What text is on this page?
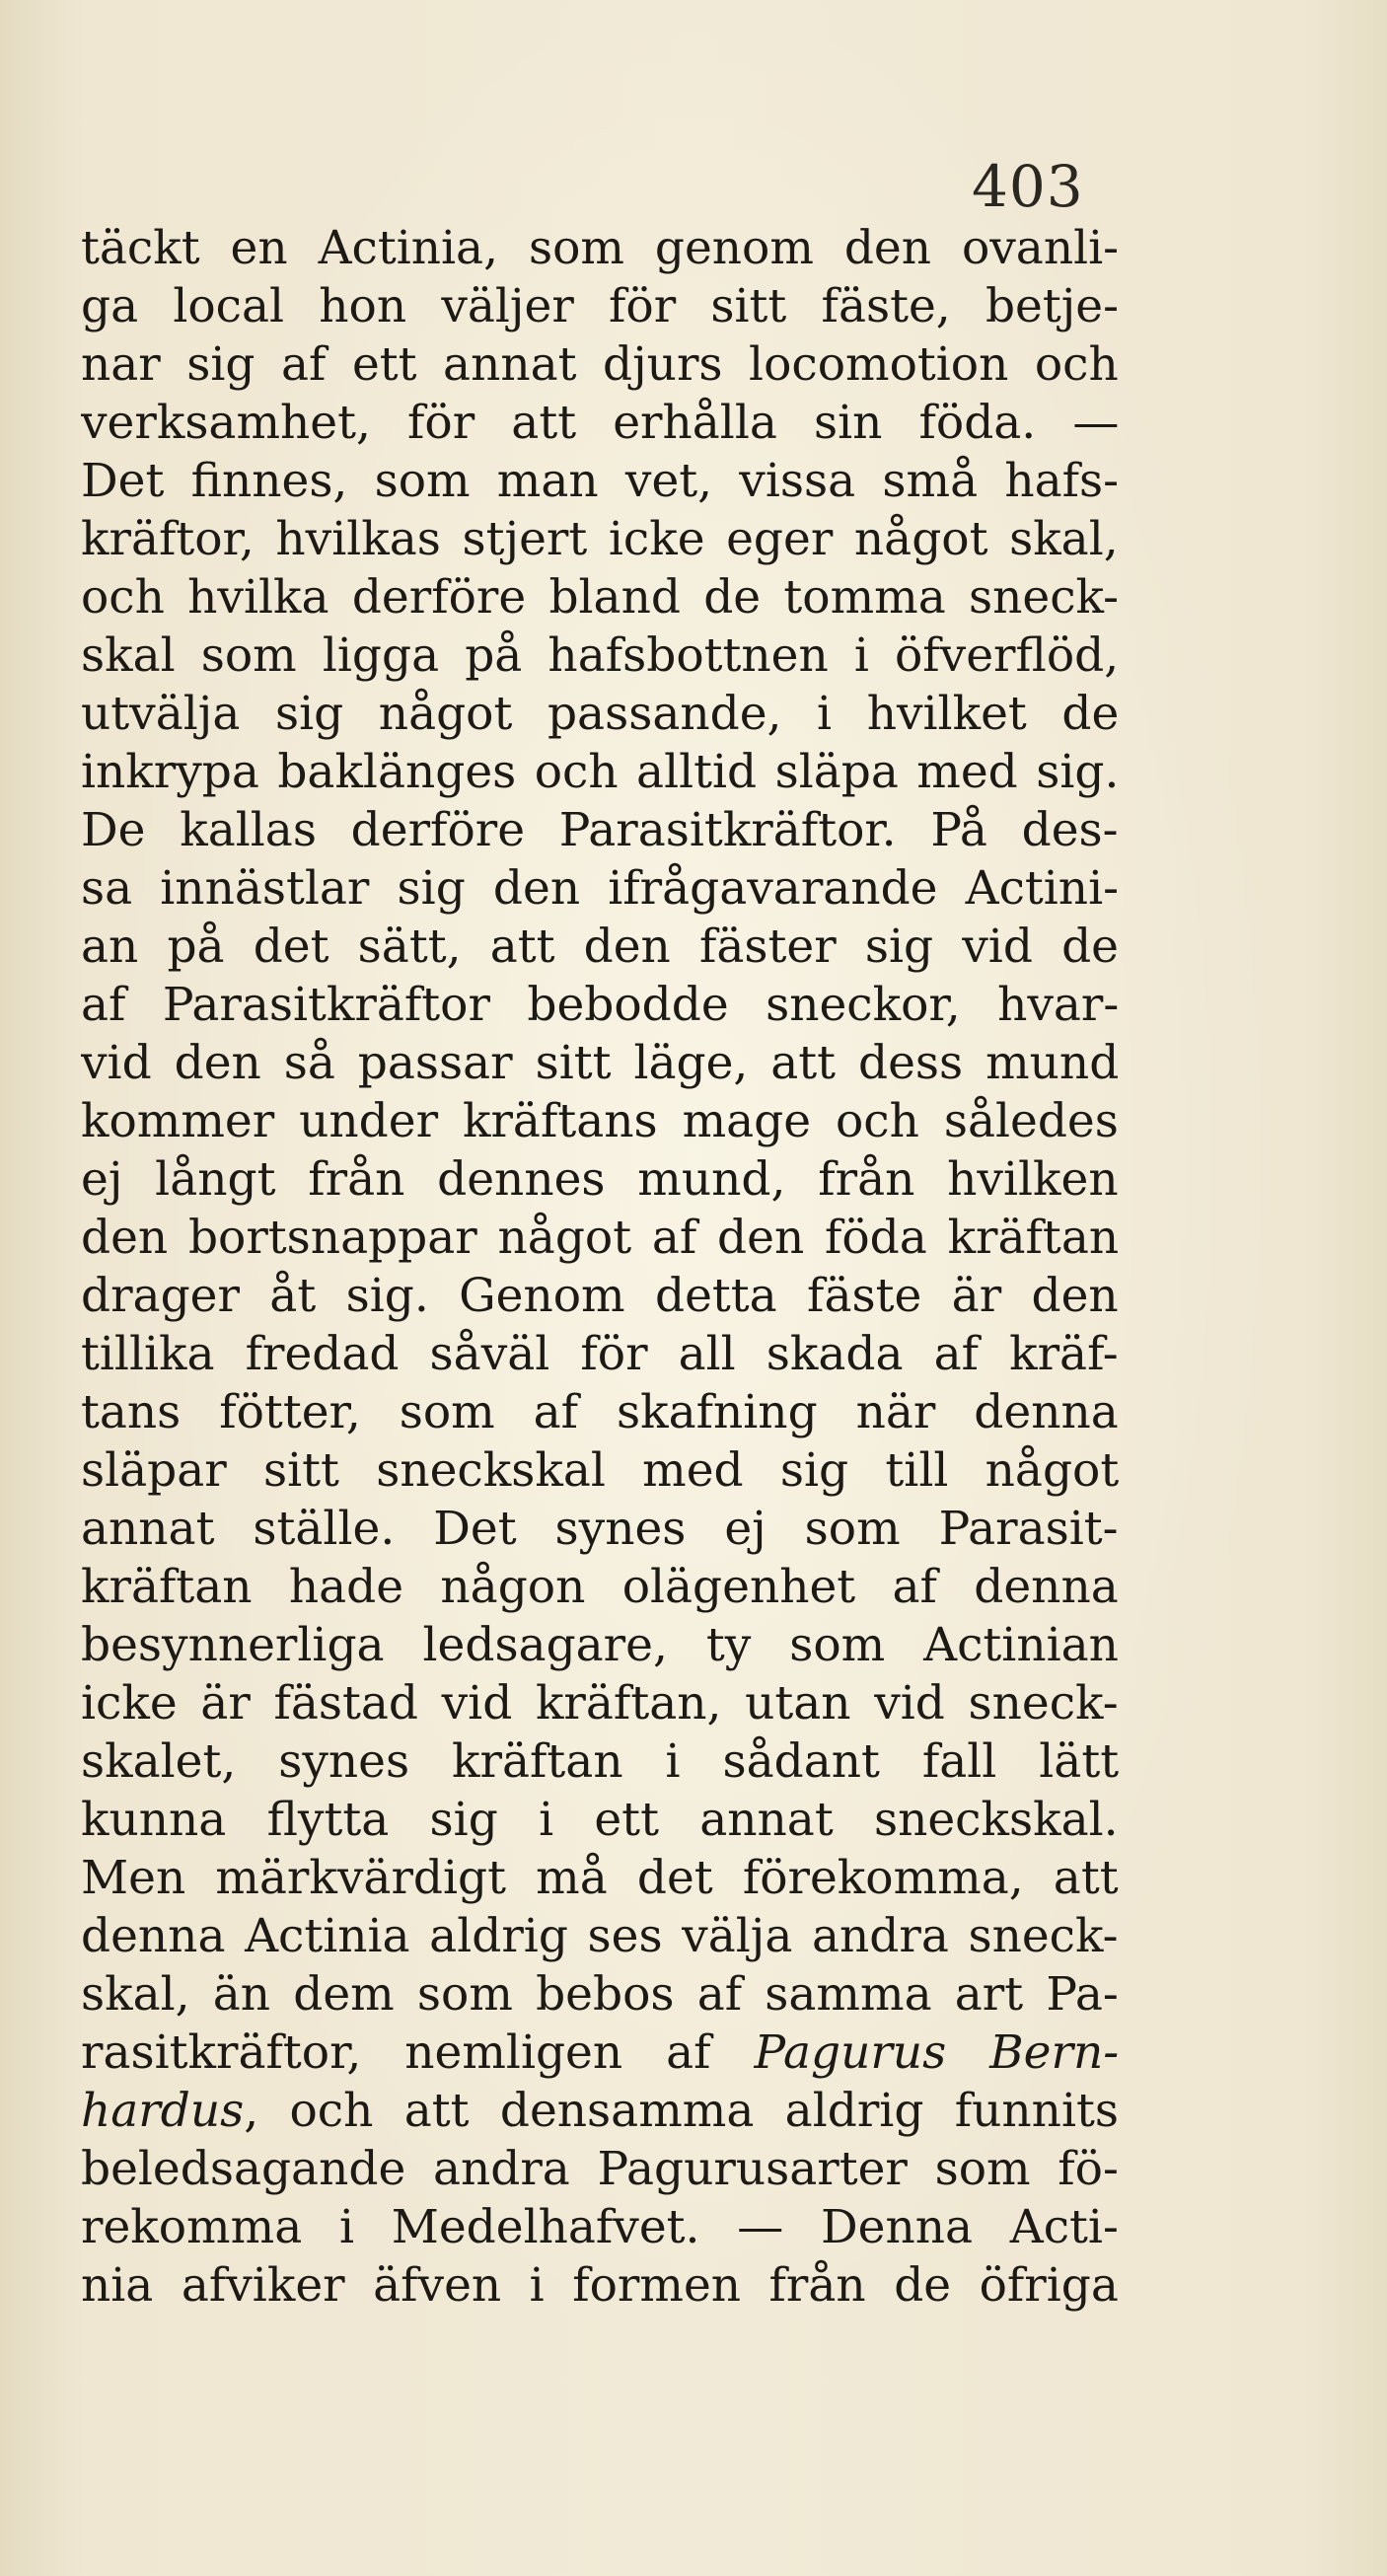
403
täckt en Actinia, som genom den ovanli-
ga local hon väljer för sitt fäste, betje-
nar sig af ett annat djurs locomotion och
verksamhet, för att erhålla sin föda. —
Det finnes, som man vet, vissa små hafs-
kräftor, hvilkas stjert icke eger något skal,
och hvilka derföre bland de tomma sneck-
skal som ligga på hafsbottnen i öfverflöd,
utvälja sig något passande, i hvilket de
inkrypa baklänges och alltid släpa med sig.
De kallas derföre Parasitkräftor. På des-
sa innästlar sig den ifrågavarande Actini-
an på det sätt, att den fäster sig vid de
af Parasitkräftor bebodde sneckor, hvar-
vid den så passar sitt läge, att dess mund
kommer under kräftans mage och således
ej långt från dennes mund, från hvilken
den bortsnappar något af den föda kräftan
drager åt sig. Genom detta fäste är den
tillika fredad såväl för all skada af kräf-
tans fötter, som af skafning när denna
släpar sitt sneckskal med sig till något
annat ställe. Det synes ej som Parasit-
kräftan hade någon olägenhet af denna
besynnerliga ledsagare, ty som Actinian
icke är fästad vid kräftan, utan vid sneck-
skalet, synes kräftan i sådant fall lätt
kunna flytta sig i ett annat sneckskal.
Men märkvärdigt må det förekomma, att
denna Actinia aldrig ses välja andra sneck-
skal, än dem som bebos af samma art Pa-
rasitkräftor, nemligen af Pagurus Bern-
hardus, och att densamma aldrig funnits
beledsagande andra Pagurusarter som fö-
rekomma i Medelhafvet. — Denna Acti-
nia afviker äfven i formen från de öfriga
